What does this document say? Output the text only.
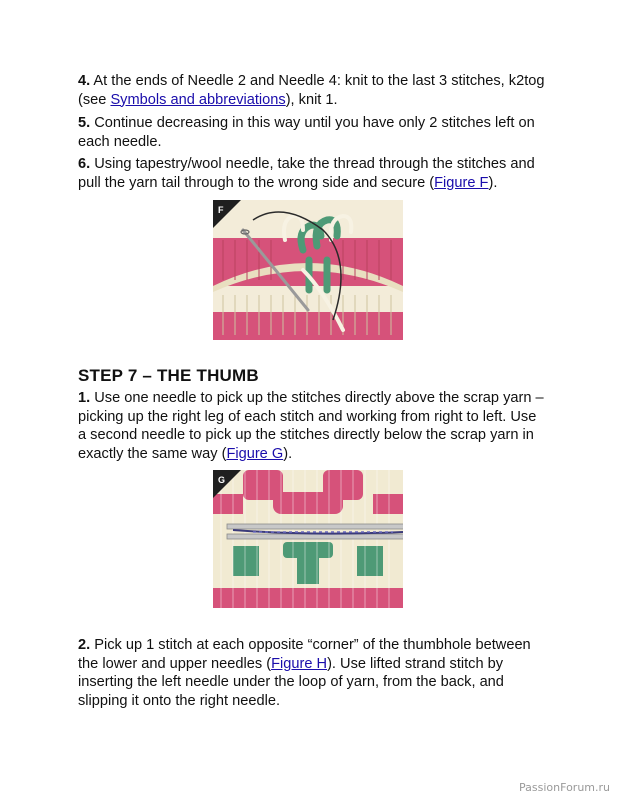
4. At the ends of Needle 2 and Needle 4: knit to the last 3 stitches, k2tog (see Symbols and abbreviations), knit 1.

5. Continue decreasing in this way until you have only 2 stitches left on each needle.

6. Using tapestry/wool needle, take the thread through the stitches and pull the yarn tail through to the wrong side and secure (Figure F).

F
STEP 7 – THE THUMB

1. Use one needle to pick up the stitches directly above the scrap yarn – picking up the right leg of each stitch and working from right to left. Use a second needle to pick up the stitches directly below the scrap yarn in exactly the same way (Figure G).

G

2. Pick up 1 stitch at each opposite “corner” of the thumbhole between the lower and upper needles (Figure H). Use lifted strand stitch by inserting the left needle under the loop of yarn, from the back, and slipping it onto the right needle.

PassionForum.ru
